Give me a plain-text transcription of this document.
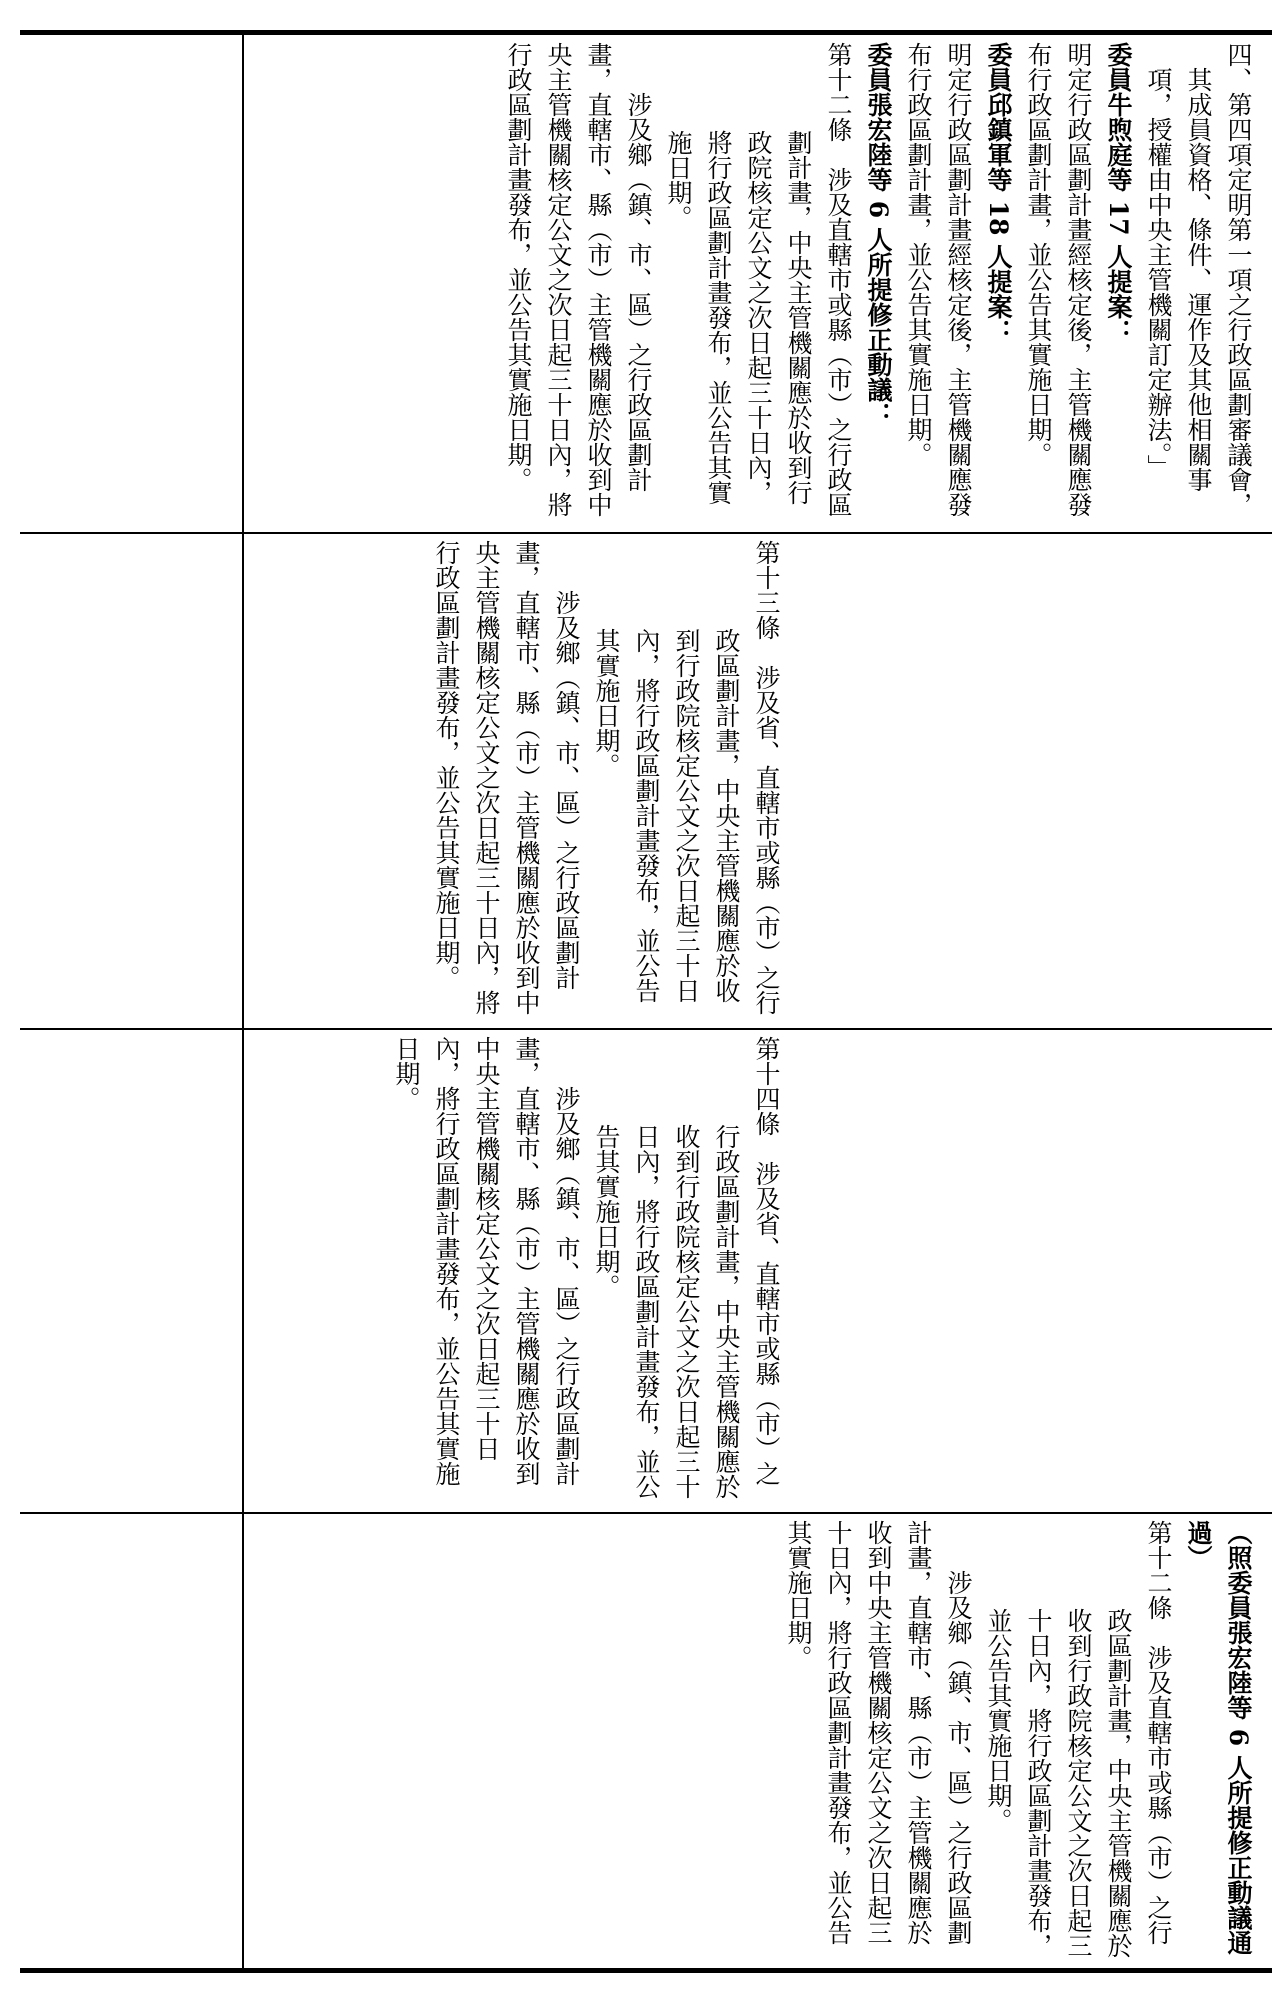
四、第四項定明第一項之行政區劃審議會，其成員資格、條件、運作及其他相關事項，授權由中央主管機關訂定辦法。」

委員牛煦庭等 17 人提案：

明定行政區劃計畫經核定後，主管機關應發布行政區劃計畫，並公告其實施日期。

委員邱鎮軍等 18 人提案：

明定行政區劃計畫經核定後，主管機關應發布行政區劃計畫，並公告其實施日期。

委員張宏陸等 6 人所提修正動議：

第十二條　涉及直轄市或縣（市）之行政區劃計畫，中央主管機關應於收到行政院核定公文之次日起三十日內，將行政區劃計畫發布，並公告其實施日期。

涉及鄉（鎮、市、區）之行政區劃計畫，直轄市、縣（市）主管機關應於收到中央主管機關核定公文之次日起三十日內，將行政區劃計畫發布，並公告其實施日期。

第十三條　涉及省、直轄市或縣（市）之行政區劃計畫，中央主管機關應於收到行政院核定公文之次日起三十日內，將行政區劃計畫發布，並公告其實施日期。

涉及鄉（鎮、市、區）之行政區劃計畫，直轄市、縣（市）主管機關應於收到中央主管機關核定公文之次日起三十日內，將行政區劃計畫發布，並公告其實施日期。

第十四條　涉及省、直轄市或縣（市）之行政區劃計畫，中央主管機關應於收到行政院核定公文之次日起三十日內，將行政區劃計畫發布，並公告其實施日期。

涉及鄉（鎮、市、區）之行政區劃計畫，直轄市、縣（市）主管機關應於收到中央主管機關核定公文之次日起三十日內，將行政區劃計畫發布，並公告其實施日期。

（照委員張宏陸等 6 人所提修正動議通過）

第十二條　涉及直轄市或縣（市）之行政區劃計畫，中央主管機關應於收到行政院核定公文之次日起三十日內，將行政區劃計畫發布，並公告其實施日期。

涉及鄉（鎮、市、區）之行政區劃計畫，直轄市、縣（市）主管機關應於收到中央主管機關核定公文之次日起三十日內，將行政區劃計畫發布，並公告其實施日期。
